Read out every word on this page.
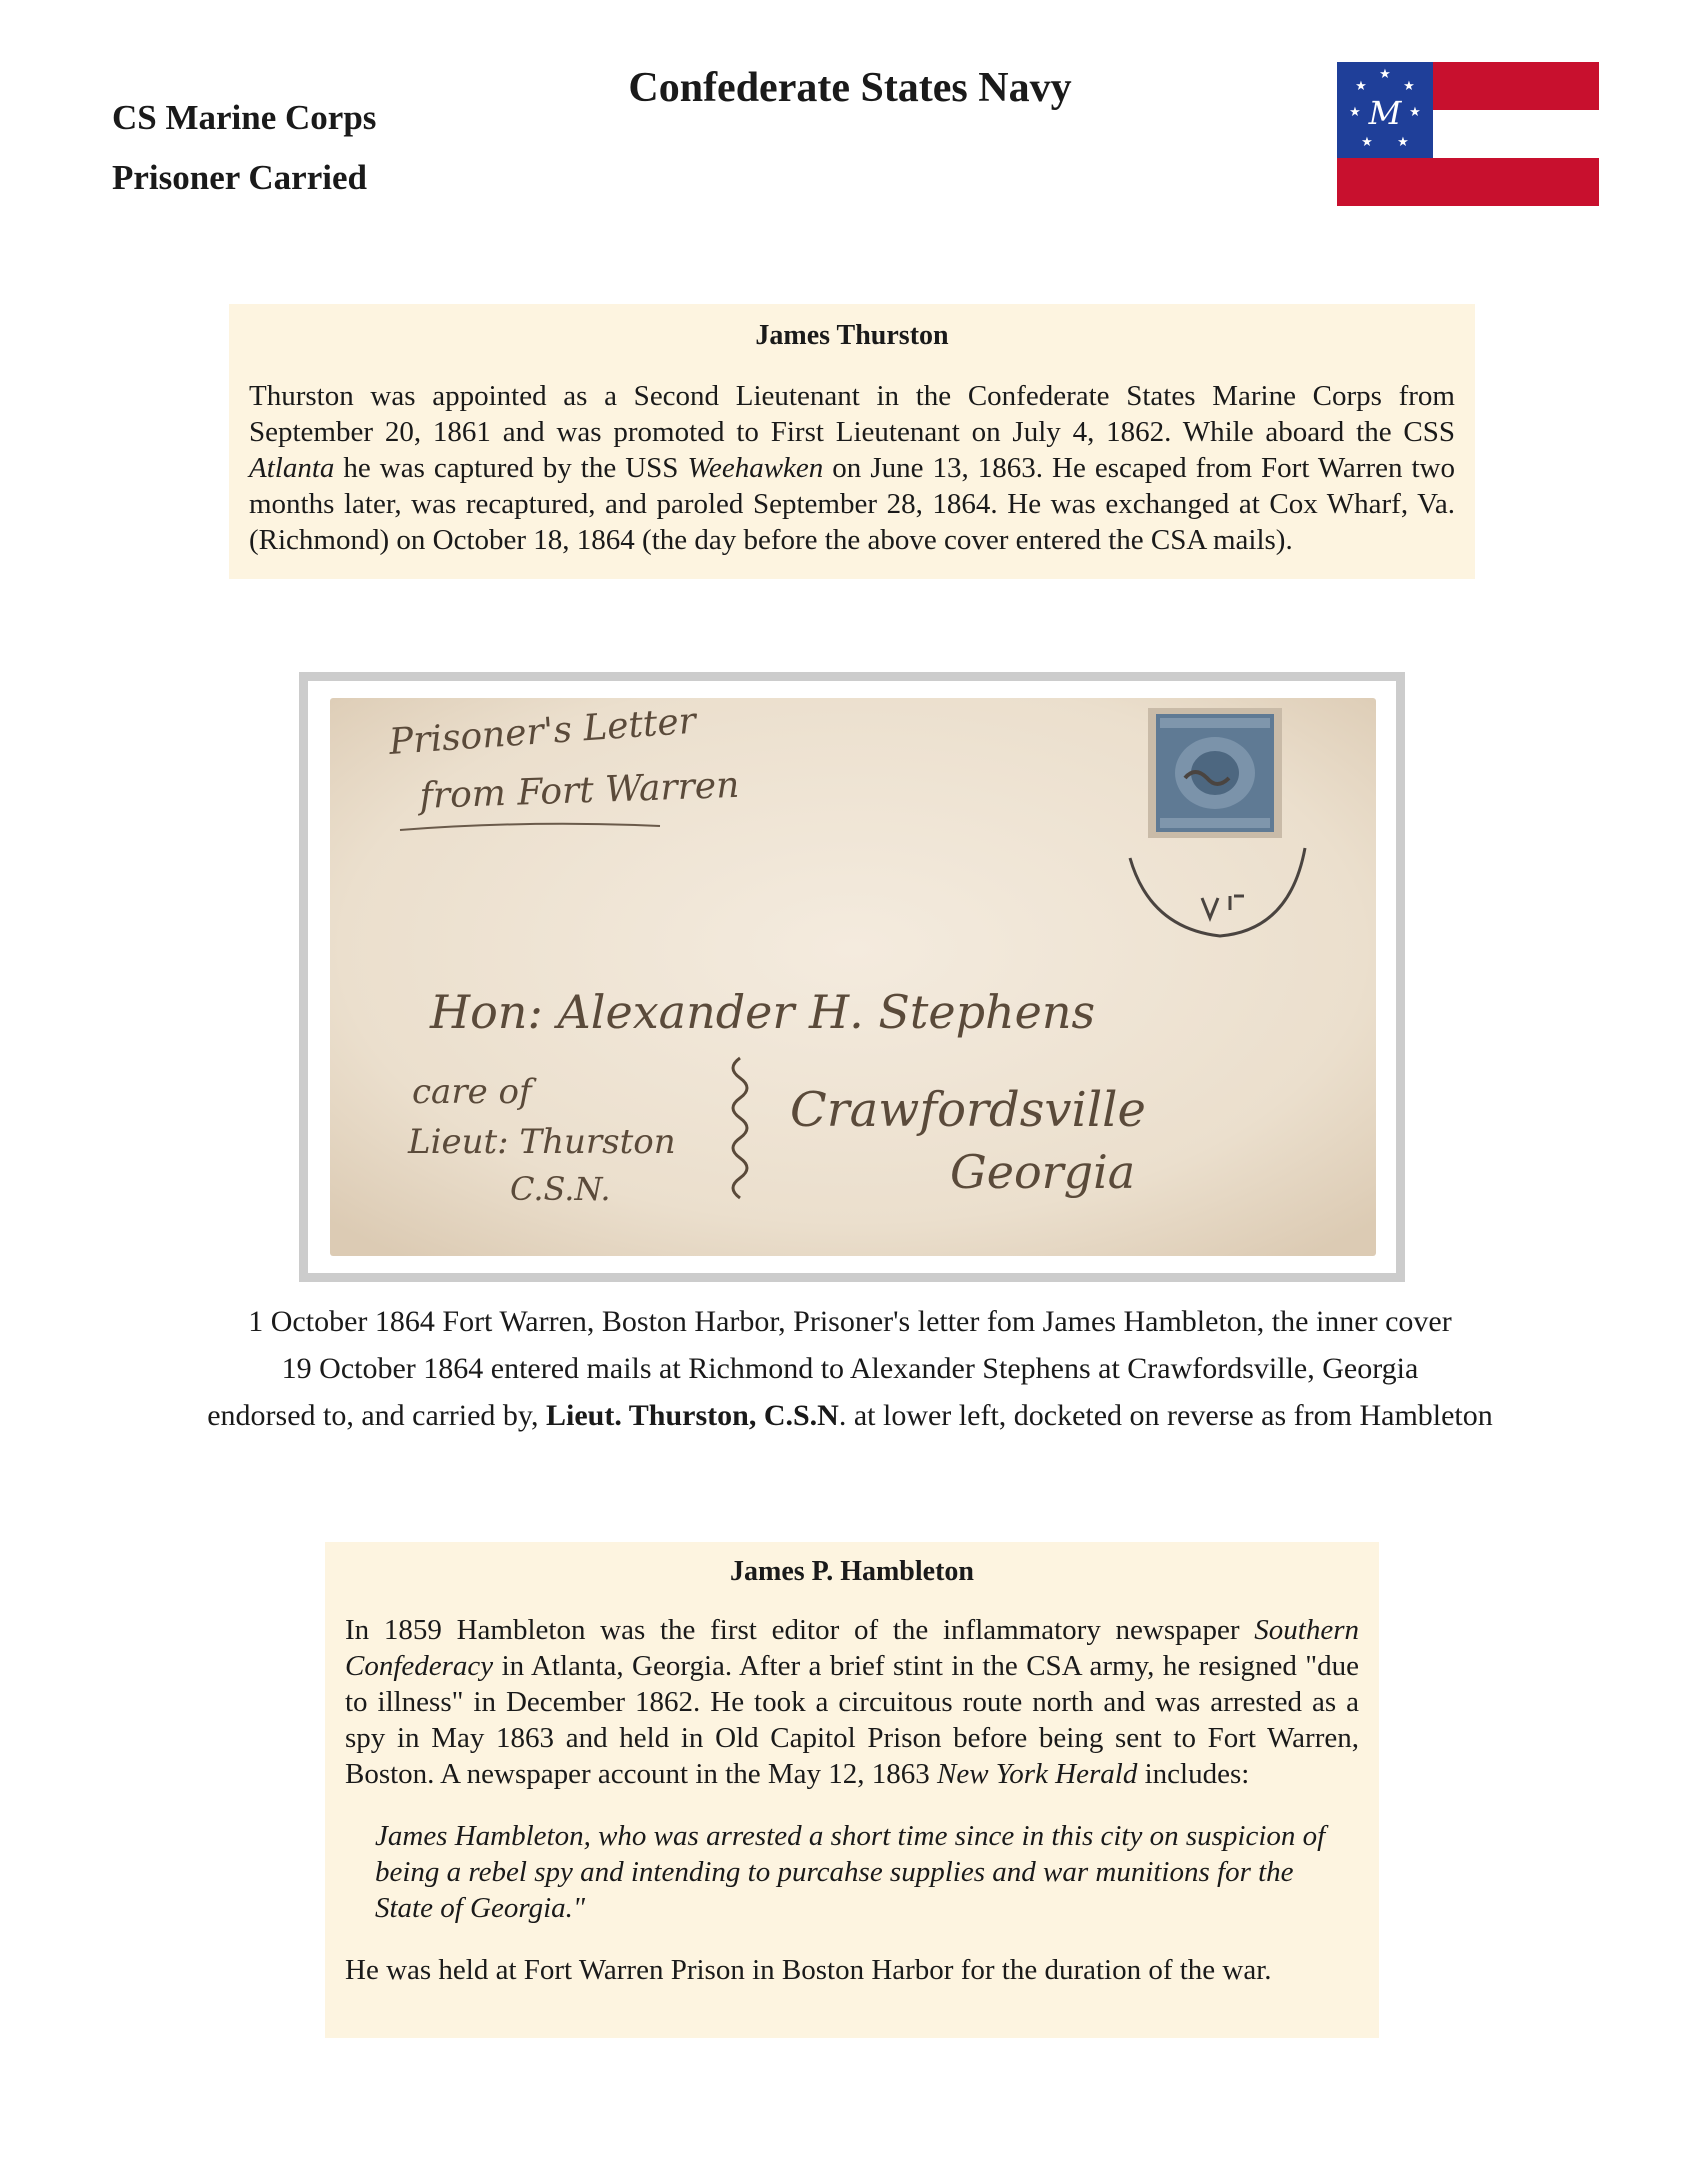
Confederate States Navy
CS Marine Corps
Prisoner Carried
★
★	★
★	★
★ ★
M
James Thurston

Thurston was appointed as a Second Lieutenant in the Confederate States Marine Corps from September 20, 1861 and was promoted to First Lieutenant on July 4, 1862. While aboard the CSS Atlanta he was captured by the USS Weehawken on June 13, 1863. He escaped from Fort Warren two months later, was recaptured, and paroled September 28, 1864. He was exchanged at Cox Wharf, Va. (Richmond) on October 18, 1864 (the day before the above cover entered the CSA mails).

Prisoner's Letter
from Fort Warren
Hon: Alexander H. Stephens
Crawfordsville
Georgia
care of
Lieut: Thurston
C.S.N.
1 October 1864 Fort Warren, Boston Harbor, Prisoner's letter fom James Hambleton, the inner cover
19 October 1864 entered mails at Richmond to Alexander Stephens at Crawfordsville, Georgia
endorsed to, and carried by, Lieut. Thurston, C.S.N. at lower left, docketed on reverse as from Hambleton
James P. Hambleton

In 1859 Hambleton was the first editor of the inflammatory newspaper Southern Confederacy in Atlanta, Georgia. After a brief stint in the CSA army, he resigned "due to illness" in December 1862. He took a circuitous route north and was arrested as a spy in May 1863 and held in Old Capitol Prison before being sent to Fort Warren, Boston. A newspaper account in the May 12, 1863 New York Herald includes:

James Hambleton, who was arrested a short time since in this city on suspicion of being a rebel spy and intending to purcahse supplies and war munitions for the State of Georgia."

He was held at Fort Warren Prison in Boston Harbor for the duration of the war.
